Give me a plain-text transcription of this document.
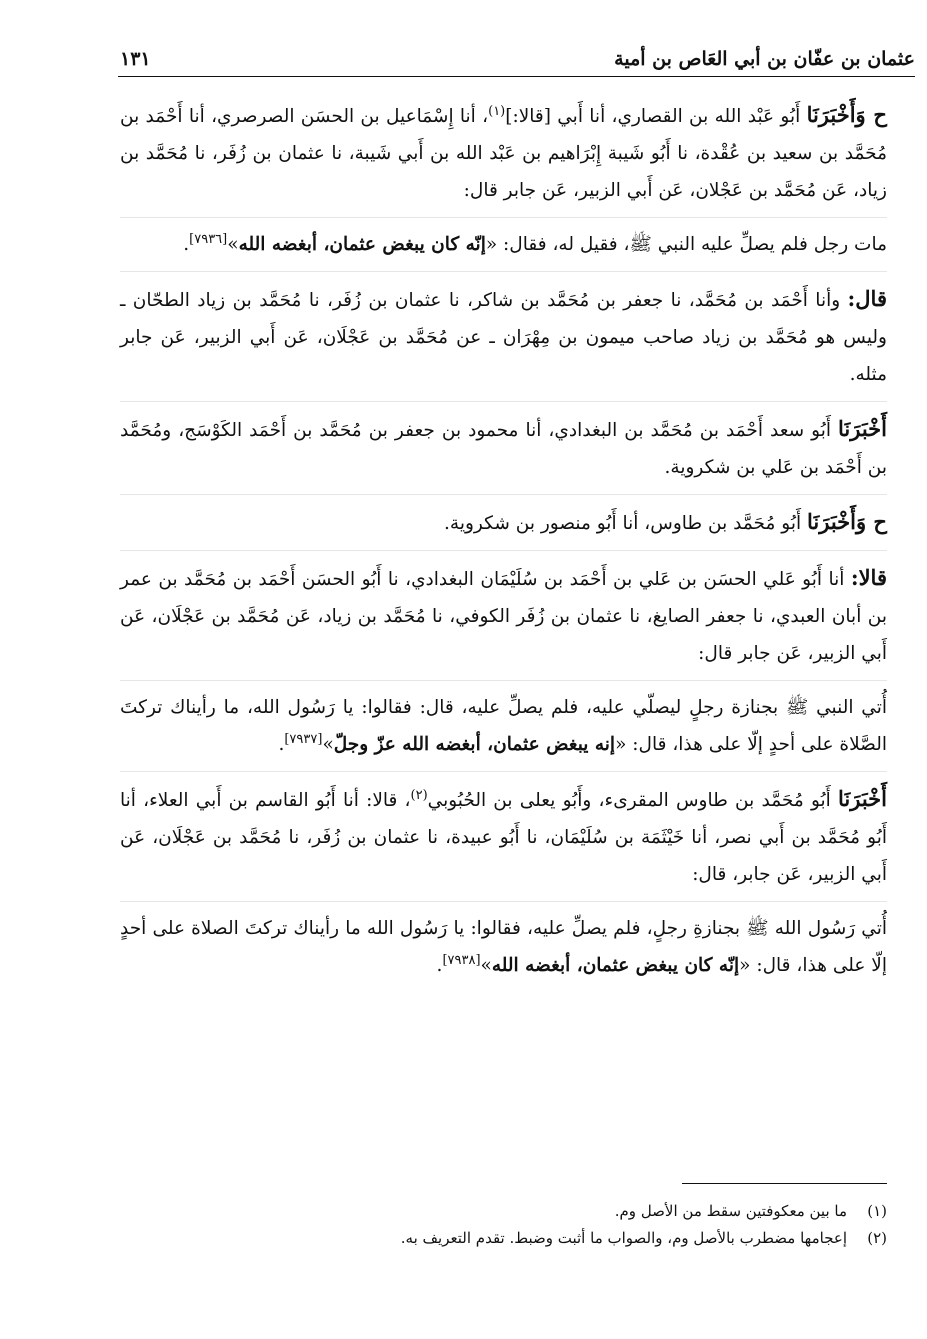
عثمان بن عفّان بن أبي العَاص بن أمية
١٣١

ح وَأَخْبَرَنَا أَبُو عَبْد الله بن القصاري، أنا أَبي [قالا:]$^{(١)}$، أنا إِسْمَاعيل بن الحسَن الصرصري، أنا أَحْمَد بن مُحَمَّد بن سعيد بن عُقْدة، نا أَبُو شَيبة إِبْرَاهيم بن عَبْد الله بن أَبي شَيبة، نا عثمان بن زُفَر، نا مُحَمَّد بن زياد، عَن مُحَمَّد بن عَجْلان، عَن أَبي الزبير، عَن جابر قال:

مات رجل فلم يصلِّ عليه النبي ﷺ، فقيل له، فقال: «إنّه كان يبغض عثمان، أبغضه الله»[٧٩٣٦].

قال: وأنا أَحْمَد بن مُحَمَّد، نا جعفر بن مُحَمَّد بن شاكر، نا عثمان بن زُفَر، نا مُحَمَّد بن زياد الطحّان ـ وليس هو مُحَمَّد بن زياد صاحب ميمون بن مِهْرَان ـ عن مُحَمَّد بن عَجْلَان، عَن أَبي الزبير، عَن جابر مثله.

أَخْبَرَنَا أَبُو سعد أَحْمَد بن مُحَمَّد بن البغدادي، أنا محمود بن جعفر بن مُحَمَّد بن أَحْمَد الكَوْسَج، ومُحَمَّد بن أَحْمَد بن عَلي بن شكروية.

ح وَأَخْبَرَنَا أَبُو مُحَمَّد بن طاوس، أنا أَبُو منصور بن شكروية.

قالا: أنا أَبُو عَلي الحسَن بن عَلي بن أَحْمَد بن سُلَيْمَان البغدادي، نا أَبُو الحسَن أَحْمَد بن مُحَمَّد بن عمر بن أبان العبدي، نا جعفر الصايغ، نا عثمان بن زُفَر الكوفي، نا مُحَمَّد بن زياد، عَن مُحَمَّد بن عَجْلَان، عَن أَبي الزبير، عَن جابر قال:

أُتي النبي ﷺ بجنازة رجلٍ ليصلّي عليه، فلم يصلِّ عليه، قال: فقالوا: يا رَسُول الله، ما رأيناك تركتَ الصَّلاة على أحدٍ إلّا على هذا، قال: «إنه يبغض عثمان، أبغضه الله عزّ وجلّ»[٧٩٣٧].

أَخْبَرَنَا أَبُو مُحَمَّد بن طاوس المقرىء، وأَبُو يعلى بن الحُبُوبي$^{(٢)}$، قالا: أنا أَبُو القاسم بن أَبي العلاء، أنا أَبُو مُحَمَّد بن أَبي نصر، أنا خَيْثَمَة بن سُلَيْمَان، نا أَبُو عبيدة، نا عثمان بن زُفَر، نا مُحَمَّد بن عَجْلَان، عَن أَبي الزبير، عَن جابر، قال:

أُتي رَسُول الله ﷺ بجنازةِ رجلٍ، فلم يصلِّ عليه، فقالوا: يا رَسُول الله ما رأيناك تركتَ الصلاة على أحدٍ إلّا على هذا، قال: «إنّه كان يبغض عثمان، أبغضه الله»[٧٩٣٨].

(١)ما بين معكوفتين سقط من الأصل وم.

(٢)إعجامها مضطرب بالأصل وم، والصواب ما أثبت وضبط. تقدم التعريف به.
